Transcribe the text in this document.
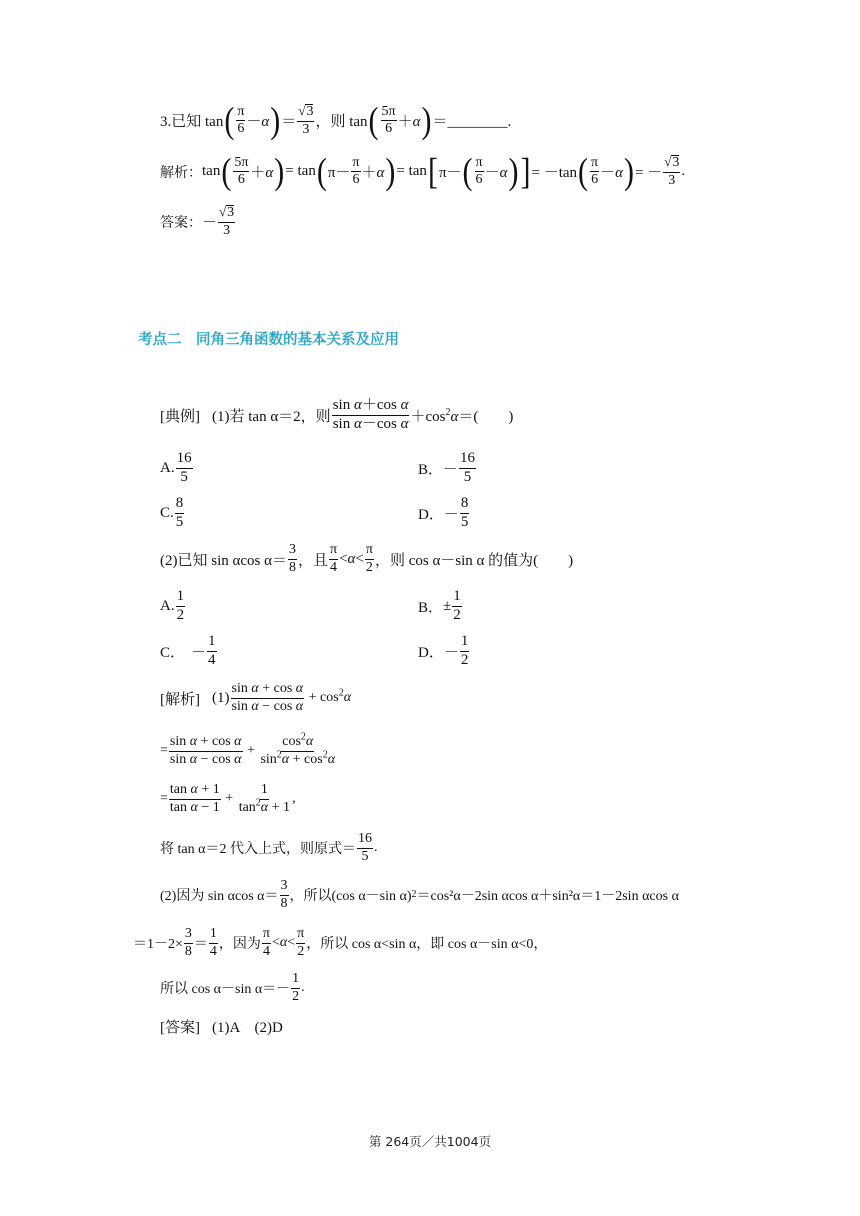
3.已知 tan ( $\frac{\pi}{6} -\alpha$ ) ＝ $\frac{√3}{3}$ ，则 tan ( $\frac{5\pi}{6} +\alpha$ ) ＝________.
解析： tan ( $\frac{5\pi}{6} +\alpha$ ) = tan ( $\pi- \frac{\pi}{6} +\alpha$ ) = tan [ π－ ( $\frac{\pi}{6} -\alpha$ ) ] = －tan ( $\frac{\pi}{6} -\alpha$ ) = － $\frac{√3}{3}$ .
答案： － $\frac{√3}{3}$
考点二　同角三角函数的基本关系及应用
[典例] (1)若 tan α＝2，则 $\frac{\text{sin α＋cos α}}{\text{sin α－cos α}} +\cos^2\alpha$ ＝(　　)
A. $\frac{16}{5}$	B． － $\frac{16}{5}$
C. $\frac{8}{5}$	D． － $\frac{8}{5}$
(2)已知 sin αcos $\alpha= \frac{3}{8}$ ，且 $\frac{\pi}{4} <\alpha< \frac{\pi}{2}$ ，则 cos α－sin α 的值为(　　)
A. $\frac{1}{2}$	B． ± $\frac{1}{2}$
C． － $\frac{1}{4}$	D． － $\frac{1}{2}$
[解析] $(1) \frac{\text{sin α + cos α}}{\text{sin α − cos α}} + \cos^2\alpha$
= $\frac{\text{sin α + cos α}}{\text{sin α − cos α}} + \frac{\cos^2\alpha}{\sin^2\alpha + \cos^2\alpha}$
= $\frac{\text{tan α + 1}}{\text{tan α − 1}} + \frac{1}{\tan^2\alpha + 1}$ ,
将 tan α＝2 代入上式，则原式＝ $\frac{16}{5}$ .
(2)因为 sin αcos $\alpha= \frac{3}{8}$ ，所以(cos α－sin α) 2 ＝cos²α－2sin αcos α＋sin²α＝1－2sin αcos α
$=1-2\times \frac{3}{8} = \frac{1}{4}$ ，因为 $\frac{\pi}{4} <\alpha< \frac{\pi}{2}$ ，所以 cos α<sin α，即 cos α－sin α<0，
所以 cos α－sin $\alpha=- \frac{1}{2}$ .
[答案] (1)A　(2)D
第 264页／共1004页
